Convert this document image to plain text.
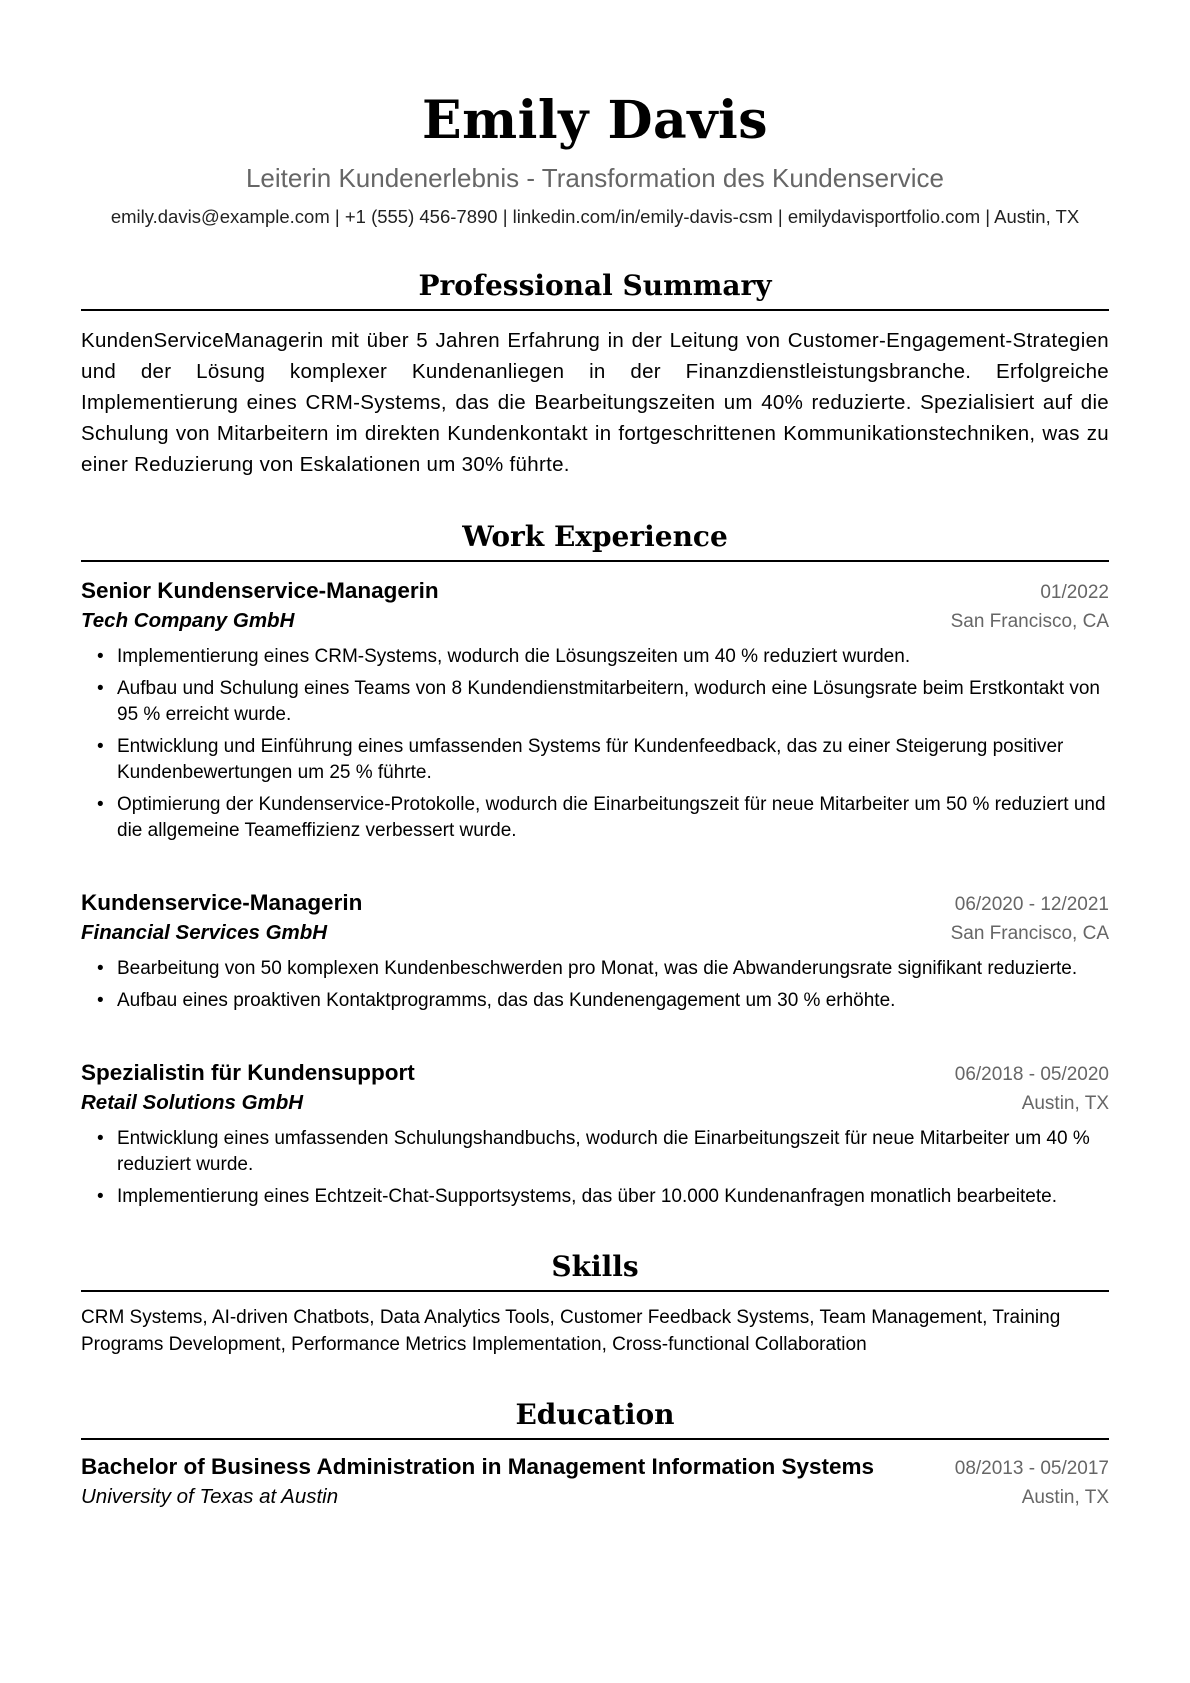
Emily Davis
Leiterin Kundenerlebnis - Transformation des Kundenservice
emily.davis@example.com | +1 (555) 456-7890 | linkedin.com/in/emily-davis-csm | emilydavisportfolio.com | Austin, TX
Professional Summary
KundenServiceManagerin mit über 5 Jahren Erfahrung in der Leitung von Customer-Engagement-Strategien und der Lösung komplexer Kundenanliegen in der Finanzdienstleistungsbranche. Erfolgreiche Implementierung eines CRM-Systems, das die Bearbeitungszeiten um 40% reduzierte. Spezialisiert auf die Schulung von Mitarbeitern im direkten Kundenkontakt in fortgeschrittenen Kommunikationstechniken, was zu einer Reduzierung von Eskalationen um 30% führte.
Work Experience
Senior Kundenservice-Managerin	01/2022
Tech Company GmbH	San Francisco, CA
• Implementierung eines CRM-Systems, wodurch die Lösungszeiten um 40 % reduziert wurden.
• Aufbau und Schulung eines Teams von 8 Kundendienstmitarbeitern, wodurch eine Lösungsrate beim Erstkontakt von 95 % erreicht wurde.
• Entwicklung und Einführung eines umfassenden Systems für Kundenfeedback, das zu einer Steigerung positiver Kundenbewertungen um 25 % führte.
• Optimierung der Kundenservice-Protokolle, wodurch die Einarbeitungszeit für neue Mitarbeiter um 50 % reduziert und die allgemeine Teameffizienz verbessert wurde.
Kundenservice-Managerin	06/2020 - 12/2021
Financial Services GmbH	San Francisco, CA
• Bearbeitung von 50 komplexen Kundenbeschwerden pro Monat, was die Abwanderungsrate signifikant reduzierte.
• Aufbau eines proaktiven Kontaktprogramms, das das Kundenengagement um 30 % erhöhte.
Spezialistin für Kundensupport	06/2018 - 05/2020
Retail Solutions GmbH	Austin, TX
• Entwicklung eines umfassenden Schulungshandbuchs, wodurch die Einarbeitungszeit für neue Mitarbeiter um 40 % reduziert wurde.
• Implementierung eines Echtzeit-Chat-Supportsystems, das über 10.000 Kundenanfragen monatlich bearbeitete.
Skills
CRM Systems, AI-driven Chatbots, Data Analytics Tools, Customer Feedback Systems, Team Management, Training Programs Development, Performance Metrics Implementation, Cross-functional Collaboration
Education
Bachelor of Business Administration in Management Information Systems	08/2013 - 05/2017
University of Texas at Austin	Austin, TX
